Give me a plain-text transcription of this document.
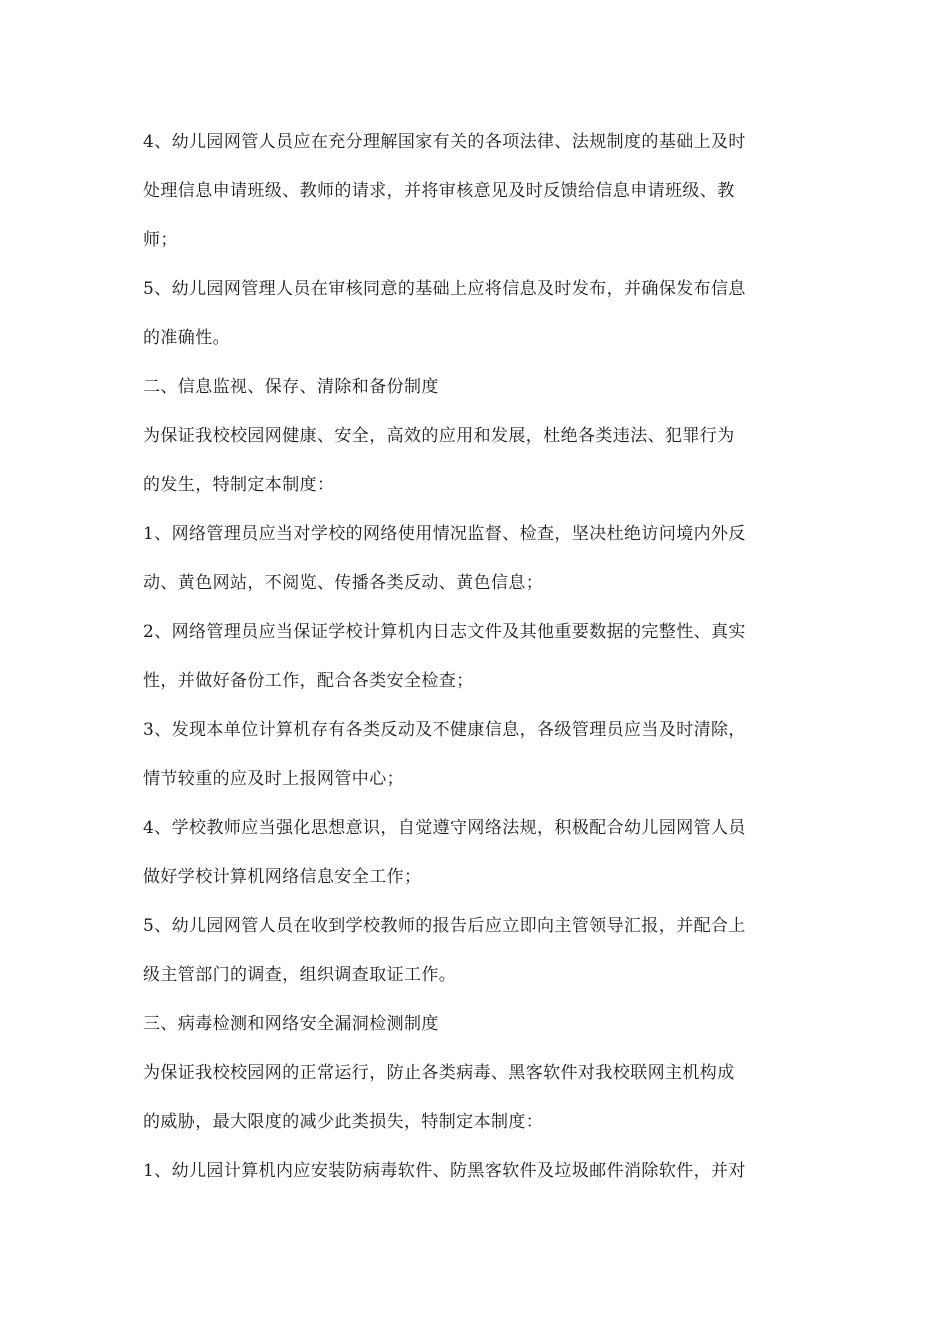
4、幼儿园网管人员应在充分理解国家有关的各项法律、法规制度的基础上及时
处理信息申请班级、教师的请求，并将审核意见及时反馈给信息申请班级、教
师；

5、幼儿园网管理人员在审核同意的基础上应将信息及时发布，并确保发布信息
的准确性。

二、信息监视、保存、清除和备份制度

为保证我校校园网健康、安全，高效的应用和发展，杜绝各类违法、犯罪行为
的发生，特制定本制度：

1、网络管理员应当对学校的网络使用情况监督、检查，坚决杜绝访问境内外反
动、黄色网站，不阅览、传播各类反动、黄色信息；

2、网络管理员应当保证学校计算机内日志文件及其他重要数据的完整性、真实
性，并做好备份工作，配合各类安全检查；

3、发现本单位计算机存有各类反动及不健康信息，各级管理员应当及时清除，
情节较重的应及时上报网管中心；

4、学校教师应当强化思想意识，自觉遵守网络法规，积极配合幼儿园网管人员
做好学校计算机网络信息安全工作；

5、幼儿园网管人员在收到学校教师的报告后应立即向主管领导汇报，并配合上
级主管部门的调查，组织调查取证工作。

三、病毒检测和网络安全漏洞检测制度

为保证我校校园网的正常运行，防止各类病毒、黑客软件对我校联网主机构成
的威胁，最大限度的减少此类损失，特制定本制度：

1、幼儿园计算机内应安装防病毒软件、防黑客软件及垃圾邮件消除软件，并对
